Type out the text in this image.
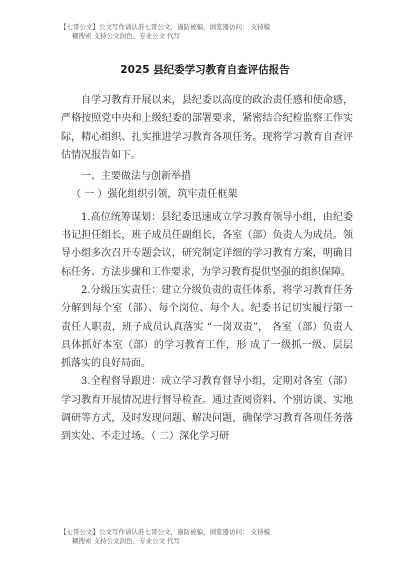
【七哥公文】公文写作请认准七哥公文，谨防被骗，浏览器访问： 支持模
糊搜索 支持公文润色、专业公文 代写
2025 县纪委学习教育自查评估报告

自学习教育开展以来，县纪委以高度的政治责任感和使命感，严格按照党中央和上级纪委的部署要求，紧密结合纪检监察工作实际，精心组织、扎实推进学习教育各项任务。现将学习教育自查评估情况报告如下。

一、主要做法与创新举措

（ 一 ）强化组织引领，筑牢责任框架

1.高位统筹谋划：县纪委迅速成立学习教育领导小组，由纪委书记担任组长，班子成员任副组长，各室（部）负责人为成员。领导小组多次召开专题会议，研究制定详细的学习教育方案，明确目标任务、方法步骤和工作要求，为学习教育提供坚强的组织保障。

2.分级压实责任：建立分级负责的责任体系，将学习教育任务分解到每个室（部）、每个岗位、每个人。纪委书记切实履行第一责任人职责，班子成员认真落实 “一岗双责”， 各室（部）负责人具体抓好本室（部）的学习教育工作，形 成了一级抓一级、层层抓落实的良好局面。

3.全程督导跟进：成立学习教育督导小组，定期对各室（部）学习教育开展情况进行督导检查。通过查阅资料、个别访谈、实地调研等方式，及时发现问题、解决问题，确保学习教育各项任务落到实处、不走过场。（ 二）深化学习研

【七哥公文】公文写作请认准七哥公文，谨防被骗，浏览器访问： 支持模
糊搜索 支持公文润色、专业公文 代写
